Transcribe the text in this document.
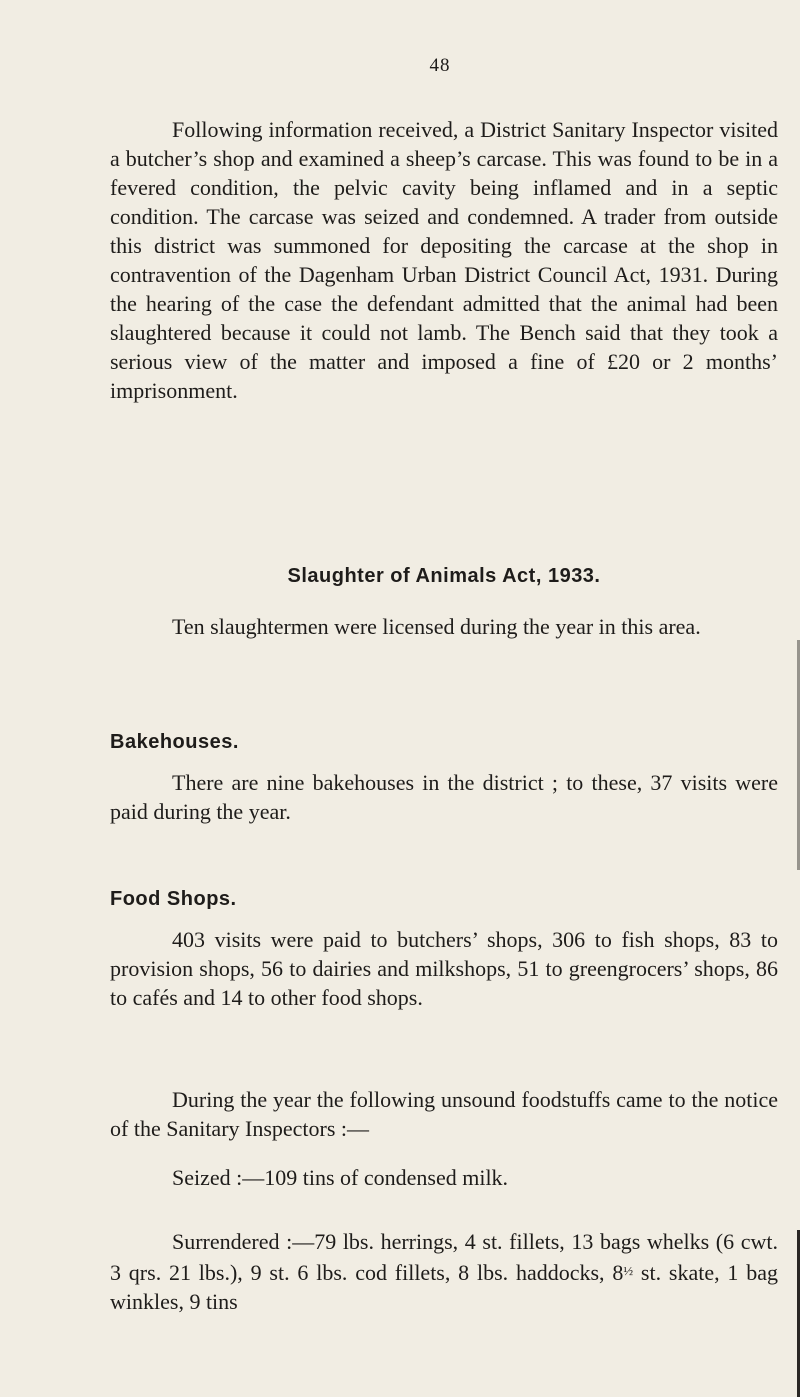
48

Following information received, a District Sanitary Inspector visited a butcher’s shop and examined a sheep’s carcase. This was found to be in a fevered condition, the pelvic cavity being inflamed and in a septic condition. The carcase was seized and condemned. A trader from outside this district was summoned for depositing the carcase at the shop in contravention of the Dagenham Urban District Council Act, 1931. During the hearing of the case the defendant admitted that the animal had been slaughtered because it could not lamb. The Bench said that they took a serious view of the matter and imposed a fine of £20 or 2 months’ imprisonment.

Slaughter of Animals Act, 1933.

Ten slaughtermen were licensed during the year in this area.

Bakehouses.

There are nine bakehouses in the district ; to these, 37 visits were paid during the year.

Food Shops.

403 visits were paid to butchers’ shops, 306 to fish shops, 83 to provision shops, 56 to dairies and milkshops, 51 to greengrocers’ shops, 86 to cafés and 14 to other food shops.

During the year the following unsound foodstuffs came to the notice of the Sanitary Inspectors :—

Seized :—109 tins of condensed milk.

Surrendered :—79 lbs. herrings, 4 st. fillets, 13 bags whelks (6 cwt. 3 qrs. 21 lbs.), 9 st. 6 lbs. cod fillets, 8 lbs. haddocks, $8^{\frac{1}{2}}$ st. skate, 1 bag winkles, 9 tins
